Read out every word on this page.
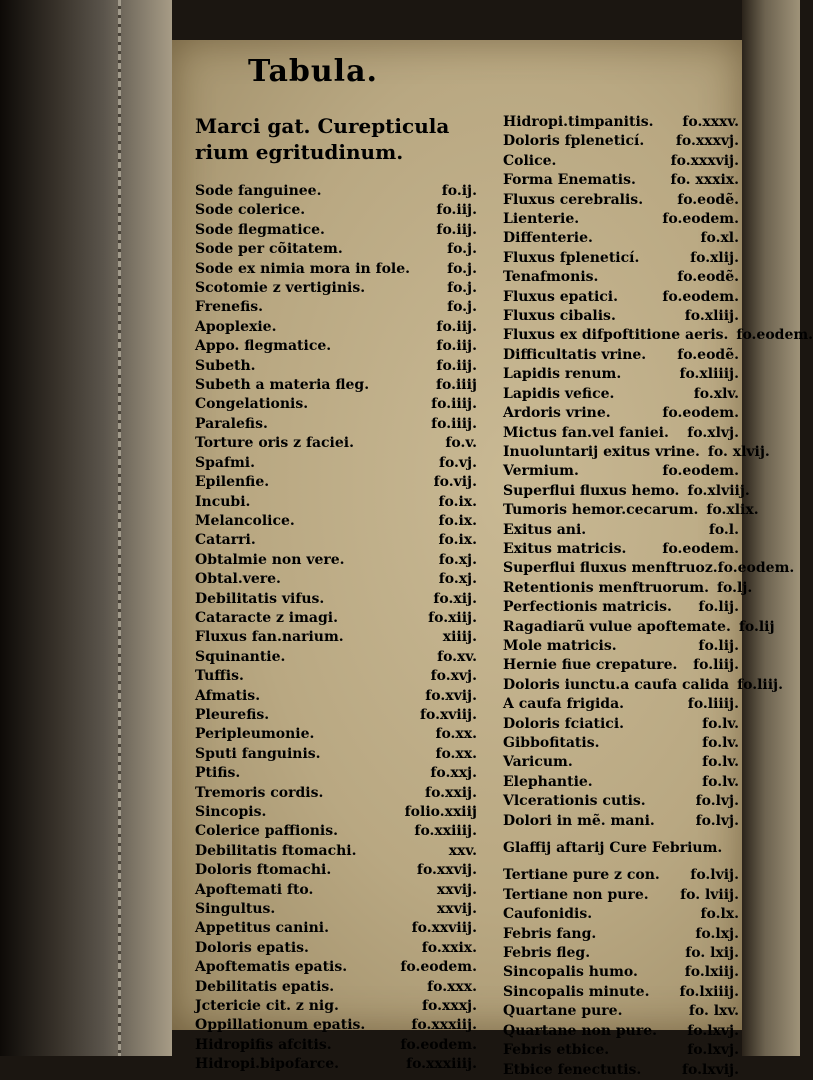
Tabula.
Marci gat. Curepticula
rium egritudinum.
Sode fanguinee.	fo.ij.
Sode colerice.	fo.iij.
Sode flegmatice.	fo.iij.
Sode per cõitatem.	fo.j.
Sode ex nimia mora in fole.	fo.j.
Scotomie z vertiginis.	fo.j.
Frenefis.	fo.j.
Apoplexie.	fo.iij.
Appo. flegmatice.	fo.iij.
Subeth.	fo.iij.
Subeth a materia fleg.	fo.iiij
Congelationis.	fo.iiij.
Paralefis.	fo.iiij.
Torture oris z faciei.	fo.v.
Spafmi.	fo.vj.
Epilenfie.	fo.vij.
Incubi.	fo.ix.
Melancolice.	fo.ix.
Catarri.	fo.ix.
Obtalmie non vere.	fo.xj.
Obtal.vere.	fo.xj.
Debilitatis vifus.	fo.xij.
Cataracte z imagi.	fo.xiij.
Fluxus fan.narium.	xiiij.
Squinantie.	fo.xv.
Tuffis.	fo.xvj.
Afmatis.	fo.xvij.
Pleurefis.	fo.xviij.
Peripleumonie.	fo.xx.
Sputi fanguinis.	fo.xx.
Ptifis.	fo.xxj.
Tremoris cordis.	fo.xxij.
Sincopis.	folio.xxiij
Colerice paffionis.	fo.xxiiij.
Debilitatis ftomachi.	xxv.
Doloris ftomachi.	fo.xxvij.
Apoftemati fto.	xxvij.
Singultus.	xxvij.
Appetitus canini.	fo.xxviij.
Doloris epatis.	fo.xxix.
Apoftematis epatis.	fo.eodem.
Debilitatis epatis.	fo.xxx.
Jctericie cit. z nig.	fo.xxxj.
Oppillationum epatis.	fo.xxxiij.
Hidropifis afcitis.	fo.eodem.
Hidropi.bipofarce.	fo.xxxiiij.
Hidropi.timpanitis.	fo.xxxv.
Doloris fpleneticí.	fo.xxxvj.
Colice.	fo.xxxvij.
Forma Enematis.	fo. xxxix.
Fluxus cerebralis.	fo.eodẽ.
Lienterie.	fo.eodem.
Diffenterie.	fo.xl.
Fluxus fpleneticí.	fo.xlij.
Tenafmonis.	fo.eodẽ.
Fluxus epatici.	fo.eodem.
Fluxus cibalis.	fo.xliij.
Fluxus ex difpoftitione aeris. fo.eodem.
Difficultatis vrine.	fo.eodẽ.
Lapidis renum.	fo.xliiij.
Lapidis vefice.	fo.xlv.
Ardoris vrine.	fo.eodem.
Mictus fan.vel faniei.	fo.xlvj.
Inuoluntarij exitus vrine. fo. xlvij.
Vermium.	fo.eodem.
Superflui fluxus hemo. fo.xlviij.
Tumoris hemor.cecarum. fo.xlix.
Exitus ani.	fo.l.
Exitus matricis.	fo.eodem.
Superflui fluxus menftruoz.fo.eodem.
Retentionis menftruorum. fo.lj.
Perfectionis matricis.	fo.lij.
Ragadiarũ vulue apoftemate. fo.lij
Mole matricis.	fo.lij.
Hernie fiue crepature.	fo.liij.
Doloris iunctu.a caufa calida fo.liij.
A caufa frigida.	fo.liiij.
Doloris fciatici.	fo.lv.
Gibbofitatis.	fo.lv.
Varicum.	fo.lv.
Elephantie.	fo.lv.
Vlcerationis cutis.	fo.lvj.
Dolori in mẽ. mani.	fo.lvj.
Glaffij aftarij Cure Febrium.
Tertiane pure z con.	fo.lvij.
Tertiane non pure.	fo. lviij.
Caufonidis.	fo.lx.
Febris fang.	fo.lxj.
Febris fleg.	fo. lxij.
Sincopalis humo.	fo.lxiij.
Sincopalis minute.	fo.lxiiij.
Quartane pure.	fo. lxv.
Quartane non pure.	fo.lxvj.
Febris etbice.	fo.lxvj.
Etbice fenectutis.	fo.lxvij.
